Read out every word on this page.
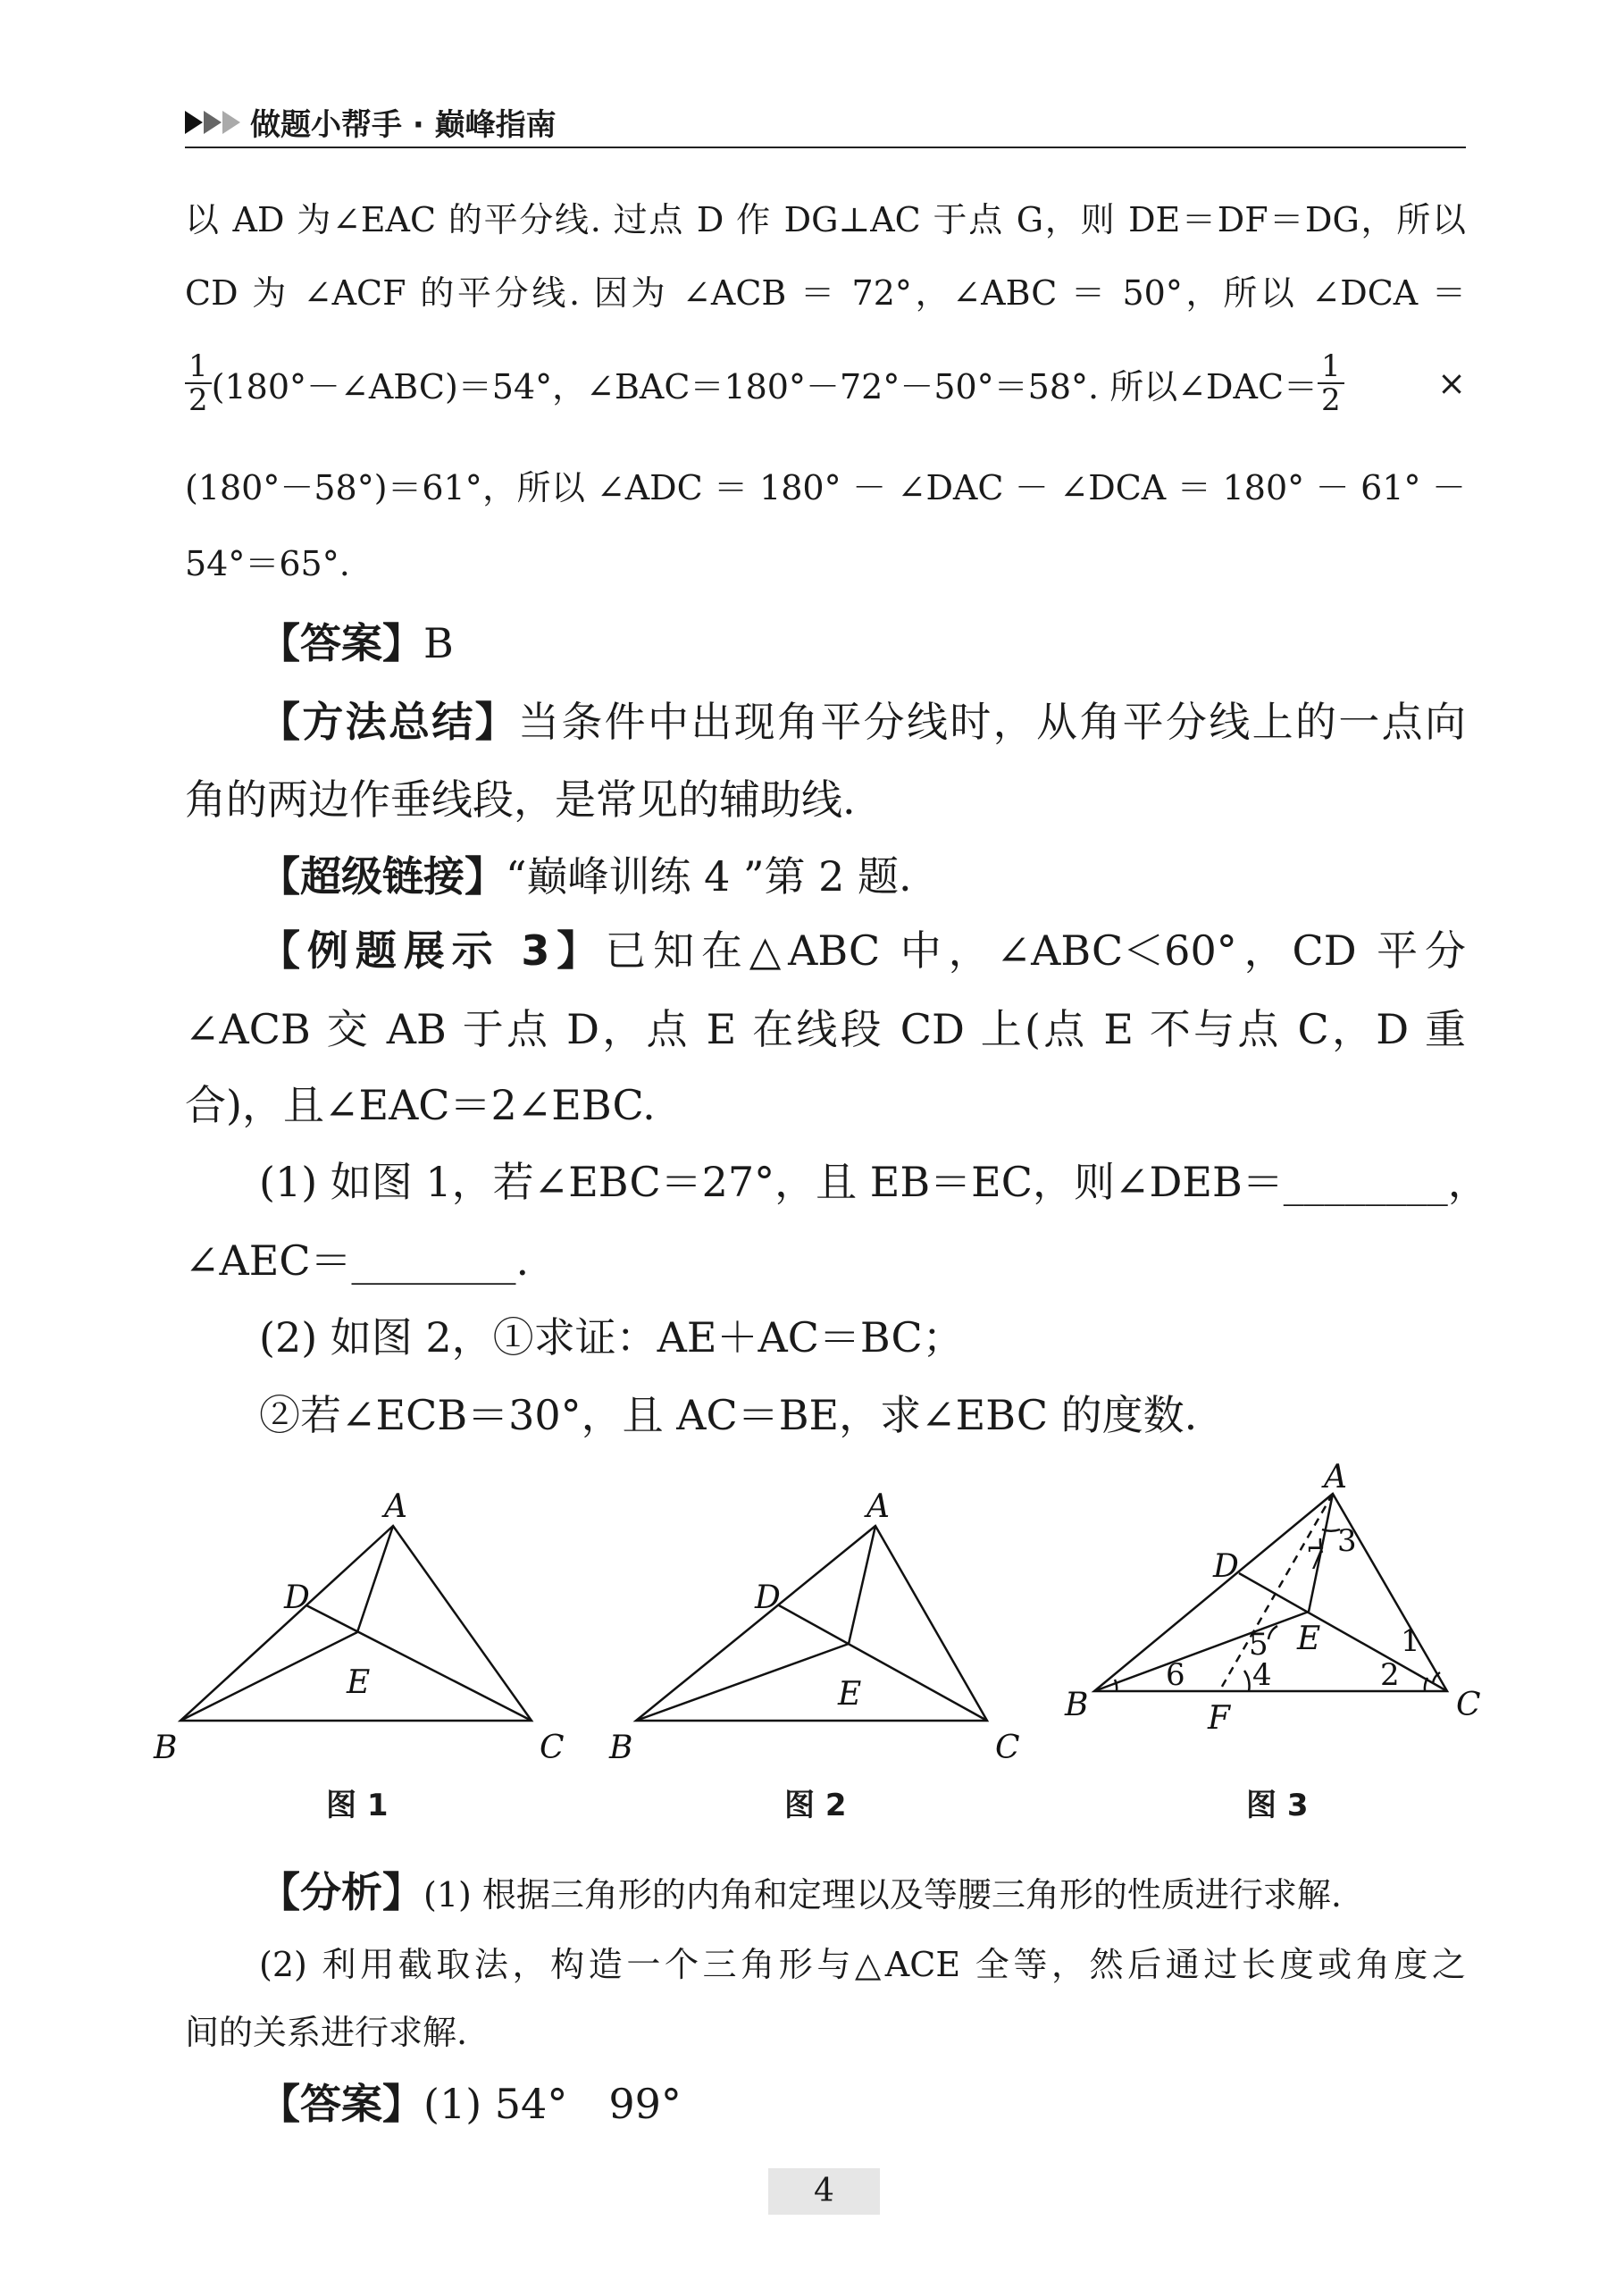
做题小帮手 · 巅峰指南
以 AD 为∠EAC 的平分线. 过点 D 作 DG⊥AC 于点 G，则 DE＝DF＝DG，所以
CD 为 ∠ACF 的平分线. 因为 ∠ACB ＝ 72°，∠ABC ＝ 50°，所以 ∠DCA ＝
$\frac{1}{2}$ (180°－∠ABC)＝54°，∠BAC＝180°－72°－50°＝58°. 所以∠DAC＝ $\frac{1}{2}$	×
(180°－58°)＝61°，所以 ∠ADC ＝ 180° － ∠DAC － ∠DCA ＝ 180° － 61° －
54°＝65°.
【答案】B
【方法总结】当条件中出现角平分线时，从角平分线上的一点向
角的两边作垂线段，是常见的辅助线.
【超级链接】“巅峰训练 4 ”第 2 题.
【例题展示 3】已知在△ABC 中，∠ABC＜60°，CD 平分
∠ACB 交 AB 于点 D，点 E 在线段 CD 上(点 E 不与点 C，D 重
合)，且∠EAC＝2∠EBC.
(1) 如图 1，若∠EBC＝27°，且 EB＝EC，则∠DEB＝________，
∠AEC＝________.
(2) 如图 2，①求证：AE＋AC＝BC；
②若∠ECB＝30°，且 AC＝BE，求∠EBC 的度数.
A
D
E
B	C
A
D
E
B	C
A
D
E
B	C
F
1
2
3
4
5
6
7
图 1	图 2	图 3
【分析】(1) 根据三角形的内角和定理以及等腰三角形的性质进行求解.
(2) 利用截取法，构造一个三角形与△ACE 全等，然后通过长度或角度之
间的关系进行求解.
【答案】(1) 54°　99°
4
